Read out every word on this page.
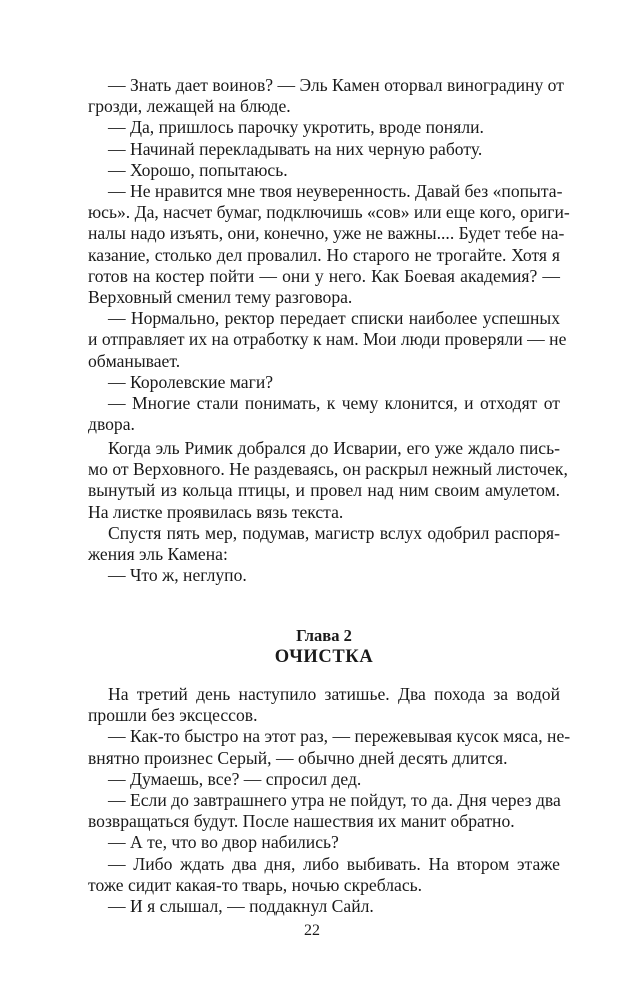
— Знать дает воинов? — Эль Камен оторвал виноградину от
грозди, лежащей на блюде.
— Да, пришлось парочку укротить, вроде поняли.
— Начинай перекладывать на них черную работу.
— Хорошо, попытаюсь.
— Не нравится мне твоя неуверенность. Давай без «попыта-
юсь». Да, насчет бумаг, подключишь «сов» или еще кого, ориги-
налы надо изъять, они, конечно, уже не важны.... Будет тебе на-
казание, столько дел провалил. Но старого не трогайте. Хотя я
готов на костер пойти — они у него. Как Боевая академия? —
Верховный сменил тему разговора.
— Нормально, ректор передает списки наиболее успешных
и отправляет их на отработку к нам. Мои люди проверяли — не
обманывает.
— Королевские маги?
— Многие стали понимать, к чему клонится, и отходят от
двора.
Когда эль Римик добрался до Исварии, его уже ждало пись-
мо от Верховного. Не раздеваясь, он раскрыл нежный листочек,
вынутый из кольца птицы, и провел над ним своим амулетом.
На листке проявилась вязь текста.
Спустя пять мер, подумав, магистр вслух одобрил распоря-
жения эль Камена:
— Что ж, неглупо.
Глава 2
ОЧИСТКА
На третий день наступило затишье. Два похода за водой
прошли без эксцессов.
— Как-то быстро на этот раз, — пережевывая кусок мяса, не-
внятно произнес Серый, — обычно дней десять длится.
— Думаешь, все? — спросил дед.
— Если до завтрашнего утра не пойдут, то да. Дня через два
возвращаться будут. После нашествия их манит обратно.
— А те, что во двор набились?
— Либо ждать два дня, либо выбивать. На втором этаже
тоже сидит какая-то тварь, ночью скреблась.
— И я слышал, — поддакнул Сайл.
22
